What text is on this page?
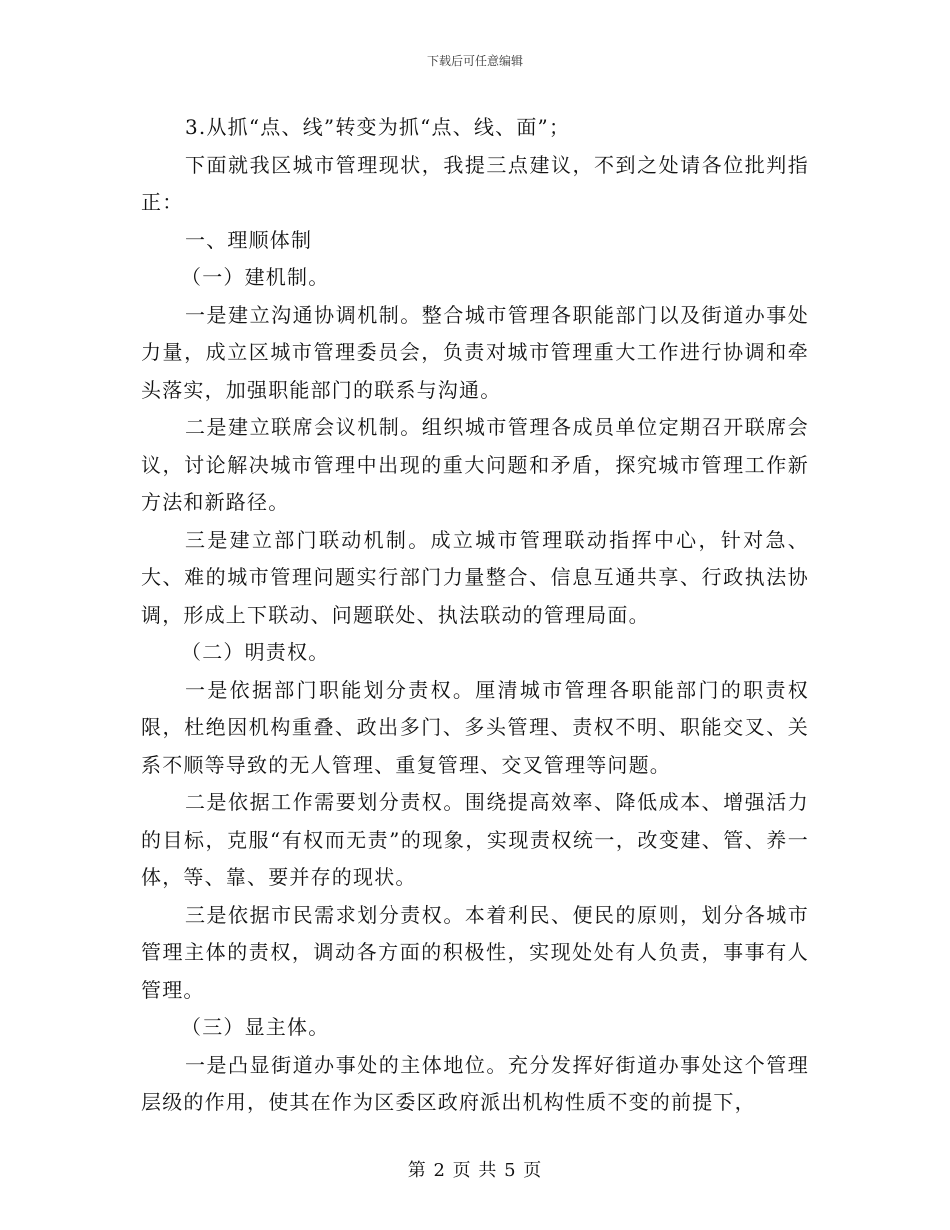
下载后可任意编辑

3.从抓“点、线”转变为抓“点、线、面”；

下面就我区城市管理现状，我提三点建议，不到之处请各位批判指正：

一、理顺体制

（一）建机制。

一是建立沟通协调机制。整合城市管理各职能部门以及街道办事处力量，成立区城市管理委员会，负责对城市管理重大工作进行协调和牵头落实，加强职能部门的联系与沟通。

二是建立联席会议机制。组织城市管理各成员单位定期召开联席会议，讨论解决城市管理中出现的重大问题和矛盾，探究城市管理工作新方法和新路径。

三是建立部门联动机制。成立城市管理联动指挥中心，针对急、大、难的城市管理问题实行部门力量整合、信息互通共享、行政执法协调，形成上下联动、问题联处、执法联动的管理局面。

（二）明责权。

一是依据部门职能划分责权。厘清城市管理各职能部门的职责权限，杜绝因机构重叠、政出多门、多头管理、责权不明、职能交叉、关系不顺等导致的无人管理、重复管理、交叉管理等问题。

二是依据工作需要划分责权。围绕提高效率、降低成本、增强活力的目标，克服“有权而无责”的现象，实现责权统一，改变建、管、养一体，等、靠、要并存的现状。

三是依据市民需求划分责权。本着利民、便民的原则，划分各城市管理主体的责权，调动各方面的积极性，实现处处有人负责，事事有人管理。

（三）显主体。

一是凸显街道办事处的主体地位。充分发挥好街道办事处这个管理层级的作用，使其在作为区委区政府派出机构性质不变的前提下，

第 2 页 共 5 页
